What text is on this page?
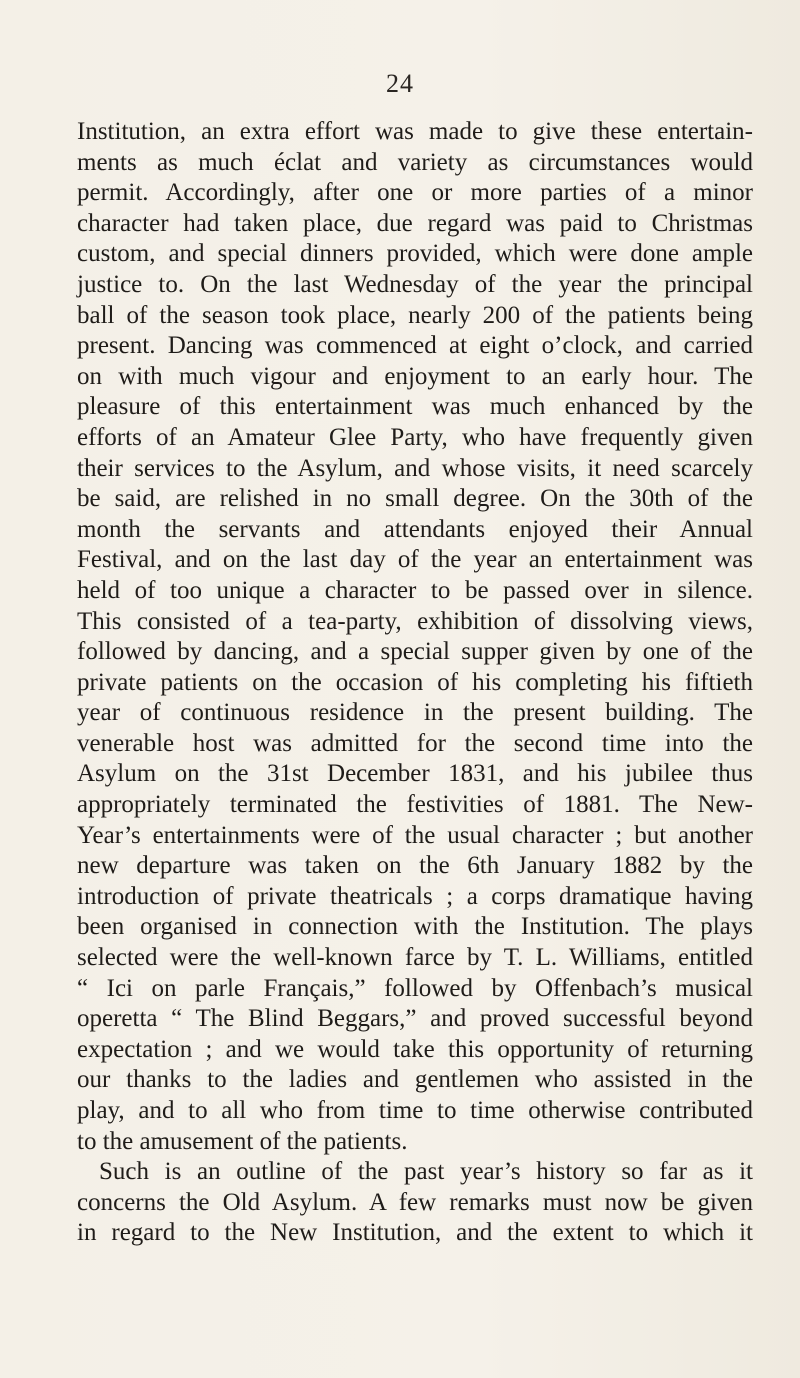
24
Institution, an extra effort was made to give these entertain-
ments as much éclat and variety as circumstances would
permit. Accordingly, after one or more parties of a minor
character had taken place, due regard was paid to Christmas
custom, and special dinners provided, which were done ample
justice to. On the last Wednesday of the year the principal
ball of the season took place, nearly 200 of the patients being
present. Dancing was commenced at eight o’clock, and carried
on with much vigour and enjoyment to an early hour. The
pleasure of this entertainment was much enhanced by the
efforts of an Amateur Glee Party, who have frequently given
their services to the Asylum, and whose visits, it need scarcely
be said, are relished in no small degree. On the 30th of the
month the servants and attendants enjoyed their Annual
Festival, and on the last day of the year an entertainment was
held of too unique a character to be passed over in silence.
This consisted of a tea-party, exhibition of dissolving views,
followed by dancing, and a special supper given by one of the
private patients on the occasion of his completing his fiftieth
year of continuous residence in the present building. The
venerable host was admitted for the second time into the
Asylum on the 31st December 1831, and his jubilee thus
appropriately terminated the festivities of 1881. The New-
Year’s entertainments were of the usual character ; but another
new departure was taken on the 6th January 1882 by the
introduction of private theatricals ; a corps dramatique having
been organised in connection with the Institution. The plays
selected were the well-known farce by T. L. Williams, entitled
“ Ici on parle Français,” followed by Offenbach’s musical
operetta “ The Blind Beggars,” and proved successful beyond
expectation ; and we would take this opportunity of returning
our thanks to the ladies and gentlemen who assisted in the
play, and to all who from time to time otherwise contributed
to the amusement of the patients.
Such is an outline of the past year’s history so far as it
concerns the Old Asylum. A few remarks must now be given
in regard to the New Institution, and the extent to which it
